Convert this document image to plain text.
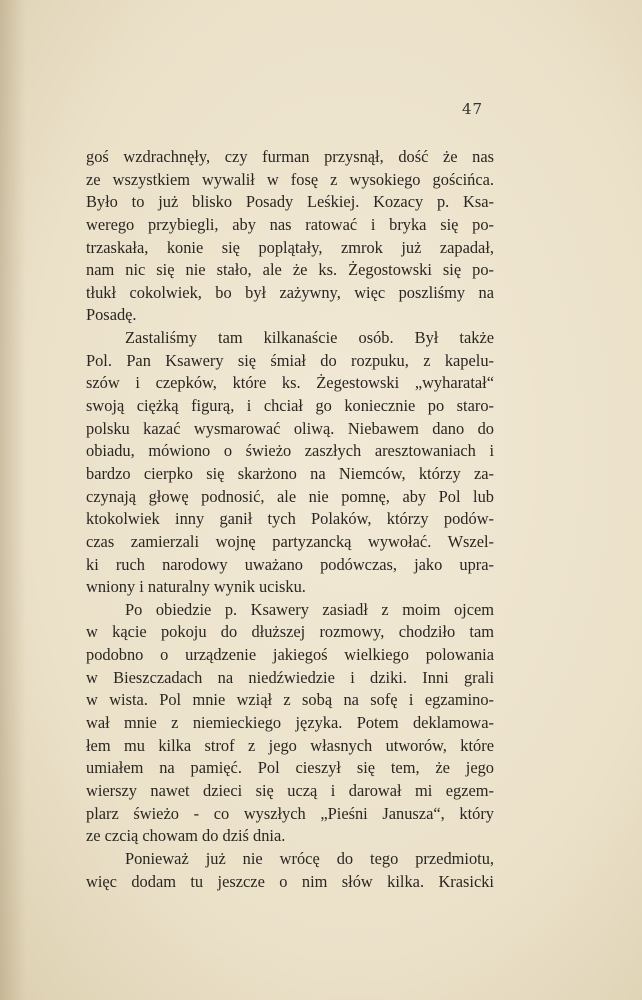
47
goś wzdrachnęły, czy furman przysnął, dość że nas
ze wszystkiem wywalił w fosę z wysokiego gościńca.
Było to już blisko Posady Leśkiej. Kozacy p. Ksa-
werego przybiegli, aby nas ratować i bryka się po-
trzaskała, konie się poplątały, zmrok już zapadał,
nam nic się nie stało, ale że ks. Żegostowski się po-
tłukł cokolwiek, bo był zażywny, więc poszliśmy na
Posadę.
Zastaliśmy tam kilkanaście osób. Był także
Pol. Pan Ksawery się śmiał do rozpuku, z kapelu-
szów i czepków, które ks. Żegestowski „wyharatał“
swoją ciężką figurą, i chciał go koniecznie po staro-
polsku kazać wysmarować oliwą. Niebawem dano do
obiadu, mówiono o świeżo zaszłych aresztowaniach i
bardzo cierpko się skarżono na Niemców, którzy za-
czynają głowę podnosić, ale nie pomnę, aby Pol lub
ktokolwiek inny ganił tych Polaków, którzy podów-
czas zamierzali wojnę partyzancką wywołać. Wszel-
ki ruch narodowy uważano podówczas, jako upra-
wniony i naturalny wynik ucisku.
Po obiedzie p. Ksawery zasiadł z moim ojcem
w kącie pokoju do dłuższej rozmowy, chodziło tam
podobno o urządzenie jakiegoś wielkiego polowania
w Bieszczadach na niedźwiedzie i dziki. Inni grali
w wista. Pol mnie wziął z sobą na sofę i egzamino-
wał mnie z niemieckiego języka. Potem deklamowa-
łem mu kilka strof z jego własnych utworów, które
umiałem na pamięć. Pol cieszył się tem, że jego
wierszy nawet dzieci się uczą i darował mi egzem-
plarz świeżo - co wyszłych „Pieśni Janusza“, który
ze czcią chowam do dziś dnia.
Ponieważ już nie wrócę do tego przedmiotu,
więc dodam tu jeszcze o nim słów kilka. Krasicki
